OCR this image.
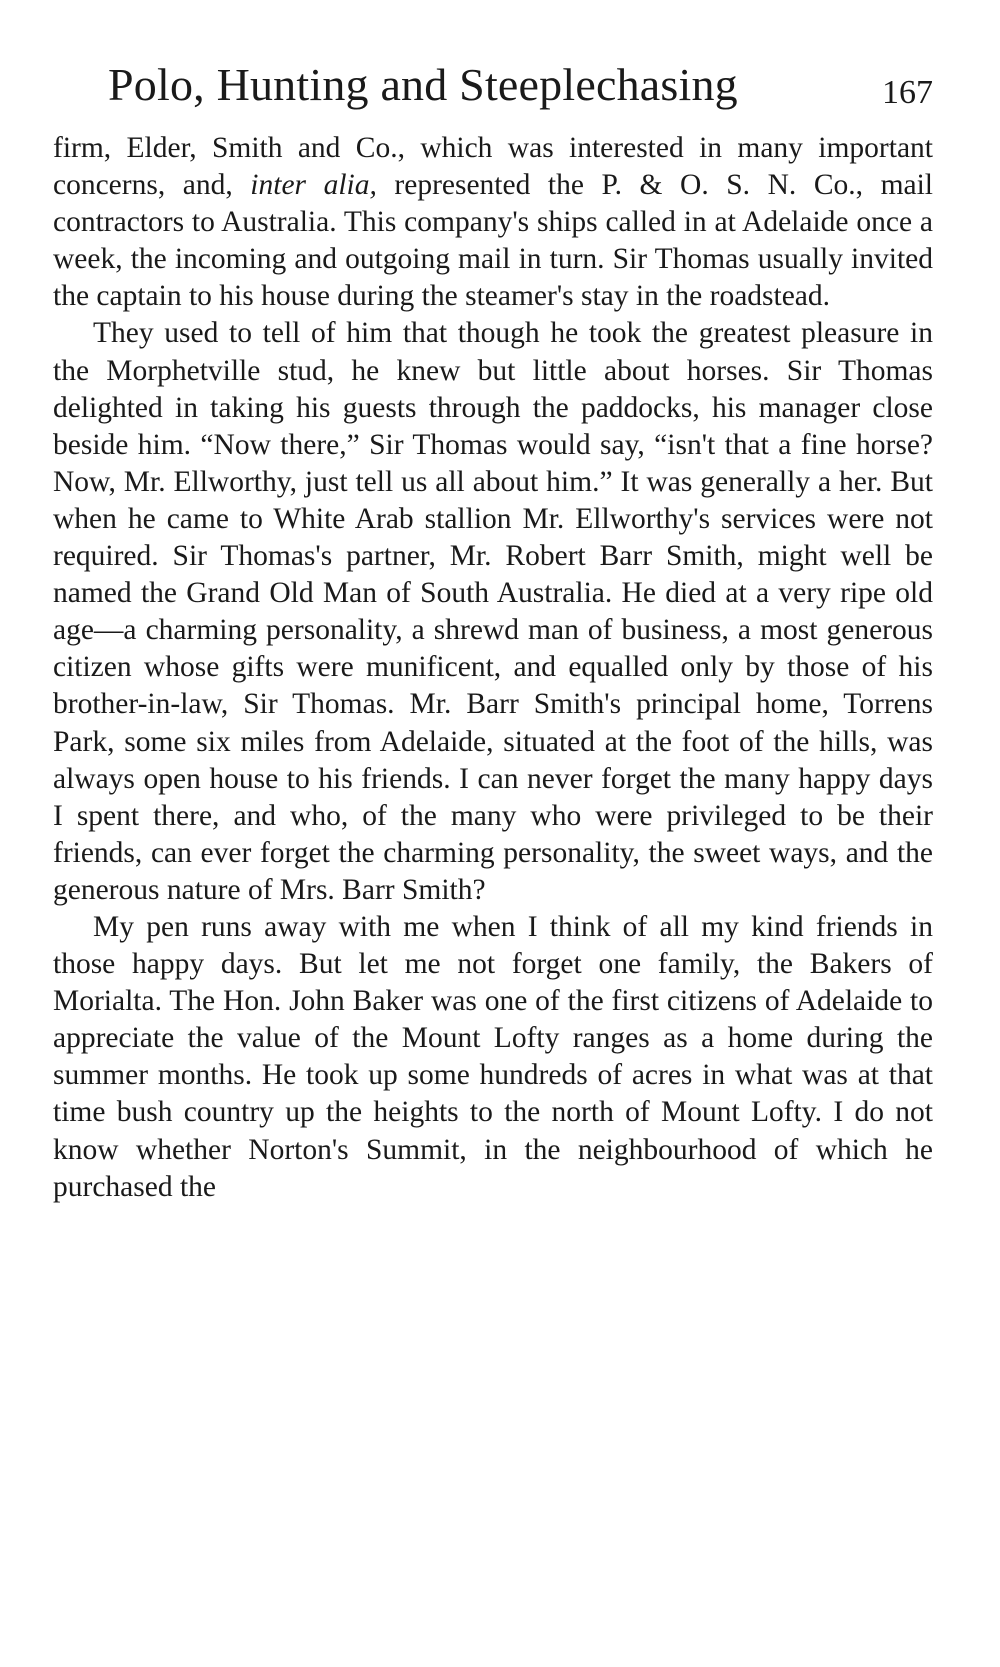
Polo, Hunting and Steeplechasing	167

firm, Elder, Smith and Co., which was interested in many important concerns, and, inter alia, represented the P. & O. S. N. Co., mail contractors to Australia. This company's ships called in at Adelaide once a week, the incoming and outgoing mail in turn. Sir Thomas usually invited the captain to his house during the steamer's stay in the roadstead.

They used to tell of him that though he took the greatest pleasure in the Morphetville stud, he knew but little about horses. Sir Thomas delighted in taking his guests through the paddocks, his manager close beside him. “Now there,” Sir Thomas would say, “isn't that a fine horse? Now, Mr. Ellworthy, just tell us all about him.” It was generally a her. But when he came to White Arab stallion Mr. Ellworthy's services were not required. Sir Thomas's partner, Mr. Robert Barr Smith, might well be named the Grand Old Man of South Australia. He died at a very ripe old age—a charming personality, a shrewd man of business, a most generous citizen whose gifts were munificent, and equalled only by those of his brother-in-law, Sir Thomas. Mr. Barr Smith's principal home, Torrens Park, some six miles from Adelaide, situated at the foot of the hills, was always open house to his friends. I can never forget the many happy days I spent there, and who, of the many who were privileged to be their friends, can ever forget the charming personality, the sweet ways, and the generous nature of Mrs. Barr Smith?

My pen runs away with me when I think of all my kind friends in those happy days. But let me not forget one family, the Bakers of Morialta. The Hon. John Baker was one of the first citizens of Adelaide to appreciate the value of the Mount Lofty ranges as a home during the summer months. He took up some hundreds of acres in what was at that time bush country up the heights to the north of Mount Lofty. I do not know whether Norton's Summit, in the neighbourhood of which he purchased the
